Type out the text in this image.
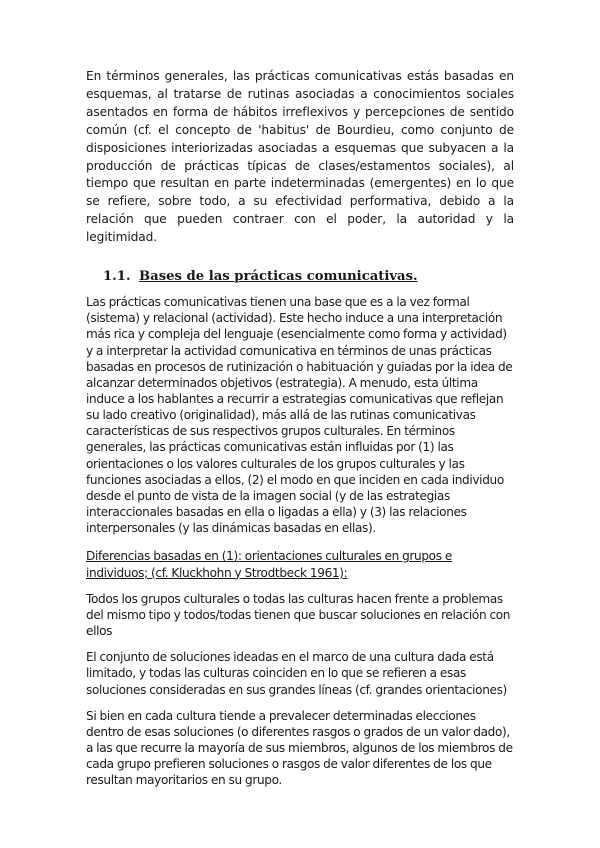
En términos generales, las prácticas comunicativas estás basadas en esquemas, al tratarse de rutinas asociadas a conocimientos sociales asentados en forma de hábitos irreflexivos y percepciones de sentido común (cf. el concepto de 'habitus' de Bourdieu, como conjunto de disposiciones interiorizadas asociadas a esquemas que subyacen a la producción de prácticas típicas de clases/estamentos sociales), al tiempo que resultan en parte indeterminadas (emergentes) en lo que se refiere, sobre todo, a su efectividad performativa, debido a la relación que pueden contraer con el poder, la autoridad y la legitimidad.

1.1. Bases de las prácticas comunicativas.

Las prácticas comunicativas tienen una base que es a la vez formal (sistema) y relacional (actividad). Este hecho induce a una interpretación más rica y compleja del lenguaje (esencialmente como forma y actividad) y a interpretar la actividad comunicativa en términos de unas prácticas basadas en procesos de rutinización o habituación y guiadas por la idea de alcanzar determinados objetivos (estrategia). A menudo, esta última induce a los hablantes a recurrir a estrategias comunicativas que reflejan su lado creativo (originalidad), más allá de las rutinas comunicativas características de sus respectivos grupos culturales. En términos generales, las prácticas comunicativas están influidas por (1) las orientaciones o los valores culturales de los grupos culturales y las funciones asociadas a ellos, (2) el modo en que inciden en cada individuo desde el punto de vista de la imagen social (y de las estrategias interaccionales basadas en ella o ligadas a ella) y (3) las relaciones interpersonales (y las dinámicas basadas en ellas).

Diferencias basadas en (1): orientaciones culturales en grupos e individuos; (cf. Kluckhohn y Strodtbeck 1961):

Todos los grupos culturales o todas las culturas hacen frente a problemas del mismo tipo y todos/todas tienen que buscar soluciones en relación con ellos

El conjunto de soluciones ideadas en el marco de una cultura dada está limitado, y todas las culturas coinciden en lo que se refieren a esas soluciones consideradas en sus grandes líneas (cf. grandes orientaciones)

Si bien en cada cultura tiende a prevalecer determinadas elecciones dentro de esas soluciones (o diferentes rasgos o grados de un valor dado), a las que recurre la mayoría de sus miembros, algunos de los miembros de cada grupo prefieren soluciones o rasgos de valor diferentes de los que resultan mayoritarios en su grupo.
